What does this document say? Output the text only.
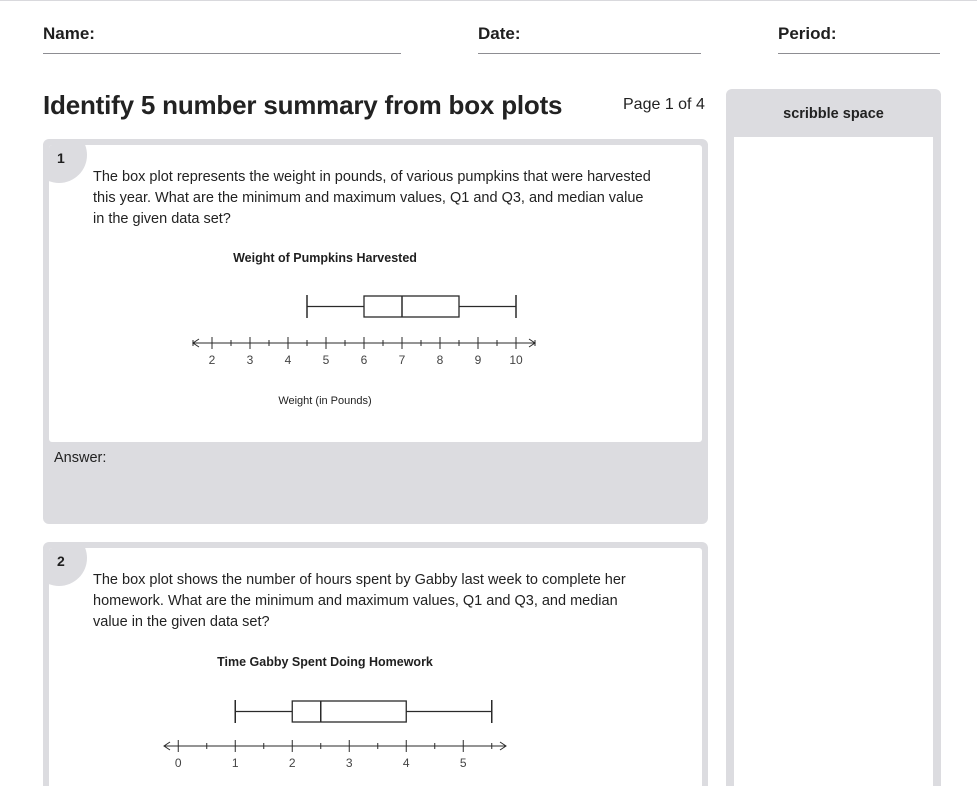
Name:	Date:	Period:
Identify 5 number summary from box plots	Page 1 of 4
scribble space
1
The box plot represents the weight in pounds, of various pumpkins that were harvested this year. What are the minimum and maximum values, Q1 and Q3, and median value in the given data set?
Weight of Pumpkins Harvested
2	3	4	5	6	7	8	9 10
Weight (in Pounds)
Answer:
2
The box plot shows the number of hours spent by Gabby last week to complete her homework. What are the minimum and maximum values, Q1 and Q3, and median value in the given data set?
Time Gabby Spent Doing Homework
0	1	2	3	4	5
